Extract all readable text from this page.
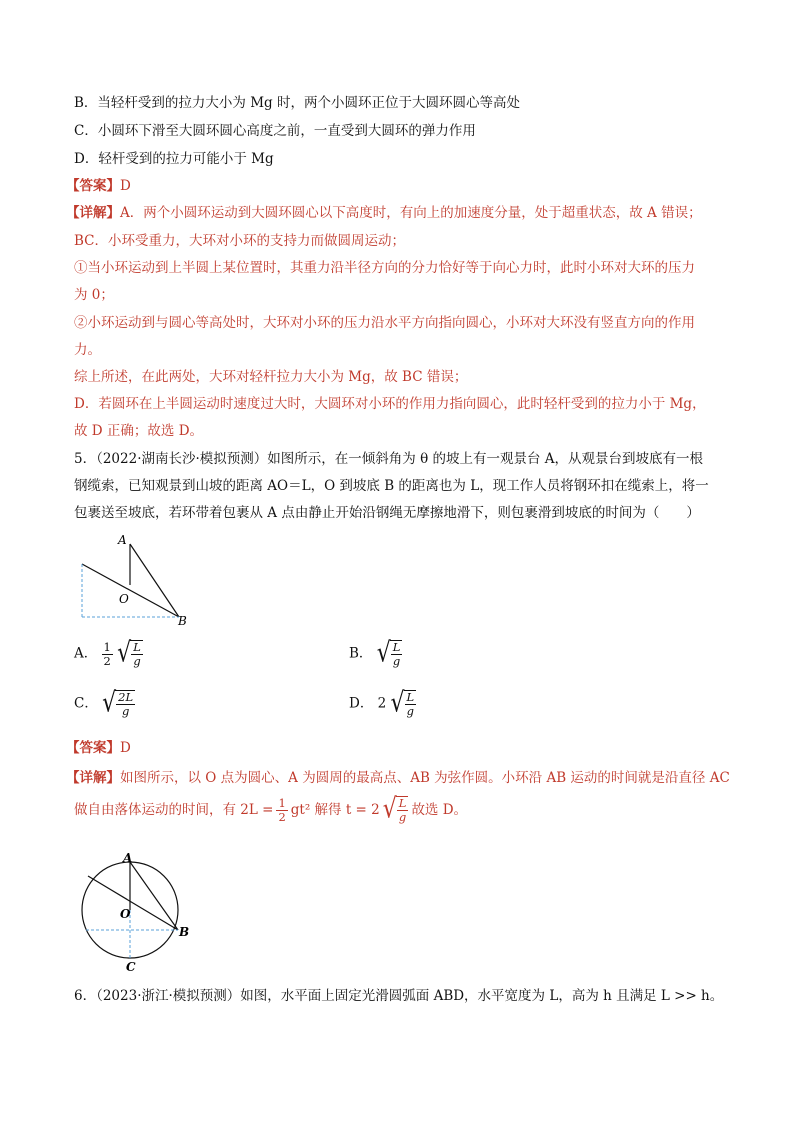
B．当轻杆受到的拉力大小为 Mg 时，两个小圆环正位于大圆环圆心等高处
C．小圆环下滑至大圆环圆心高度之前，一直受到大圆环的弹力作用
D．轻杆受到的拉力可能小于 Mg
【答案】D
【详解】A．两个小圆环运动到大圆环圆心以下高度时，有向上的加速度分量，处于超重状态，故 A 错误；
BC．小环受重力，大环对小环的支持力而做圆周运动；
①当小环运动到上半圆上某位置时，其重力沿半径方向的分力恰好等于向心力时，此时小环对大环的压力
为 0；
②小环运动到与圆心等高处时，大环对小环的压力沿水平方向指向圆心，小环对大环没有竖直方向的作用
力。
综上所述，在此两处，大环对轻杆拉力大小为 Mg，故 BC 错误；
D．若圆环在上半圆运动时速度过大时，大圆环对小环的作用力指向圆心，此时轻杆受到的拉力小于 Mg，
故 D 正确；故选 D。
5．（2022·湖南长沙·模拟预测）如图所示，在一倾斜角为 θ 的坡上有一观景台 A，从观景台到坡底有一根
钢缆索，已知观景到山坡的距离 AO＝L，O 到坡底 B 的距离也为 L，现工作人员将钢环扣在缆索上，将一
包裹送至坡底，若环带着包裹从 A 点由静止开始沿钢绳无摩擦地滑下，则包裹滑到坡底的时间为（　　）
A
O
B
A． $\frac{1}{2}$
√ $\frac{L}{g}$	B． √ $\frac{L}{g}$
C． √ $\frac{2L}{g}$	D． 2 √ $\frac{L}{g}$
【答案】D
【详解】如图所示，以 O 点为圆心、A 为圆周的最高点、AB 为弦作圆。小环沿 AB 运动的时间就是沿直径 AC
做自由落体运动的时间，有 $2L = \frac{1}{2} gt^2$ 解得 t = 2 √ $\frac{L}{g}$ 故选 D。
A
O
B
C
6．（2023·浙江·模拟预测）如图，水平面上固定光滑圆弧面 ABD，水平宽度为 L，高为 h 且满足 L >> h。
